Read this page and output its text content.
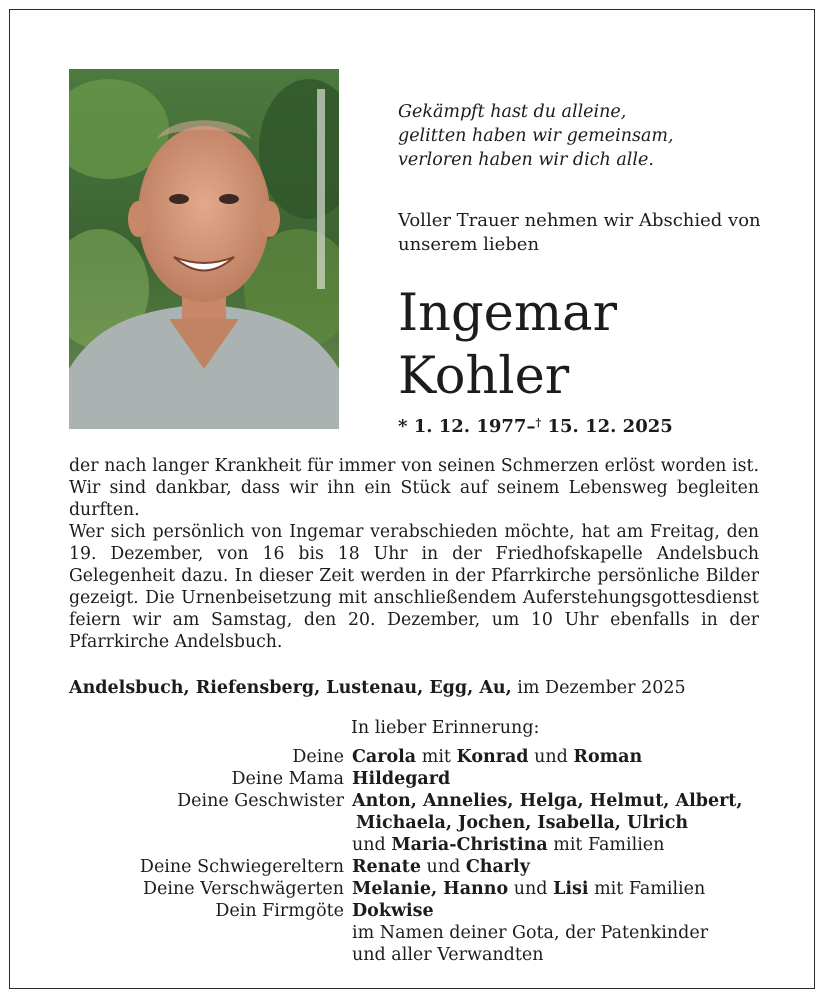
Gekämpft hast du alleine,
gelitten haben wir gemeinsam,
verloren haben wir dich alle.
Voller Trauer nehmen wir Abschied von
unserem lieben
Ingemar
Kohler
* 1. 12. 1977–† 15. 12. 2025

der nach langer Krankheit für immer von seinen Schmerzen erlöst worden ist. Wir sind dankbar, dass wir ihn ein Stück auf seinem Lebensweg begleiten durften.

Wer sich persönlich von Ingemar verabschieden möchte, hat am Freitag, den 19. Dezember, von 16 bis 18 Uhr in der Friedhofskapelle Andelsbuch Gelegenheit dazu. In dieser Zeit werden in der Pfarrkirche persönliche Bilder gezeigt. Die Urnenbeisetzung mit anschließendem Auferstehungsgottesdienst feiern wir am Samstag, den 20. Dezember, um 10 Uhr ebenfalls in der Pfarrkirche Andelsbuch.

Andelsbuch, Riefensberg, Lustenau, Egg, Au, im Dezember 2025
In lieber Erinnerung:
Deine Carola mit Konrad und Roman
Deine Mama Hildegard
Deine Geschwister Anton, Annelies, Helga, Helmut, Albert,
Michaela, Jochen, Isabella, Ulrich
und Maria-Christina mit Familien
Deine Schwiegereltern Renate und Charly
Deine Verschwägerten Melanie, Hanno und Lisi mit Familien
Dein Firmgöte Dokwise
im Namen deiner Gota, der Patenkinder
und aller Verwandten
